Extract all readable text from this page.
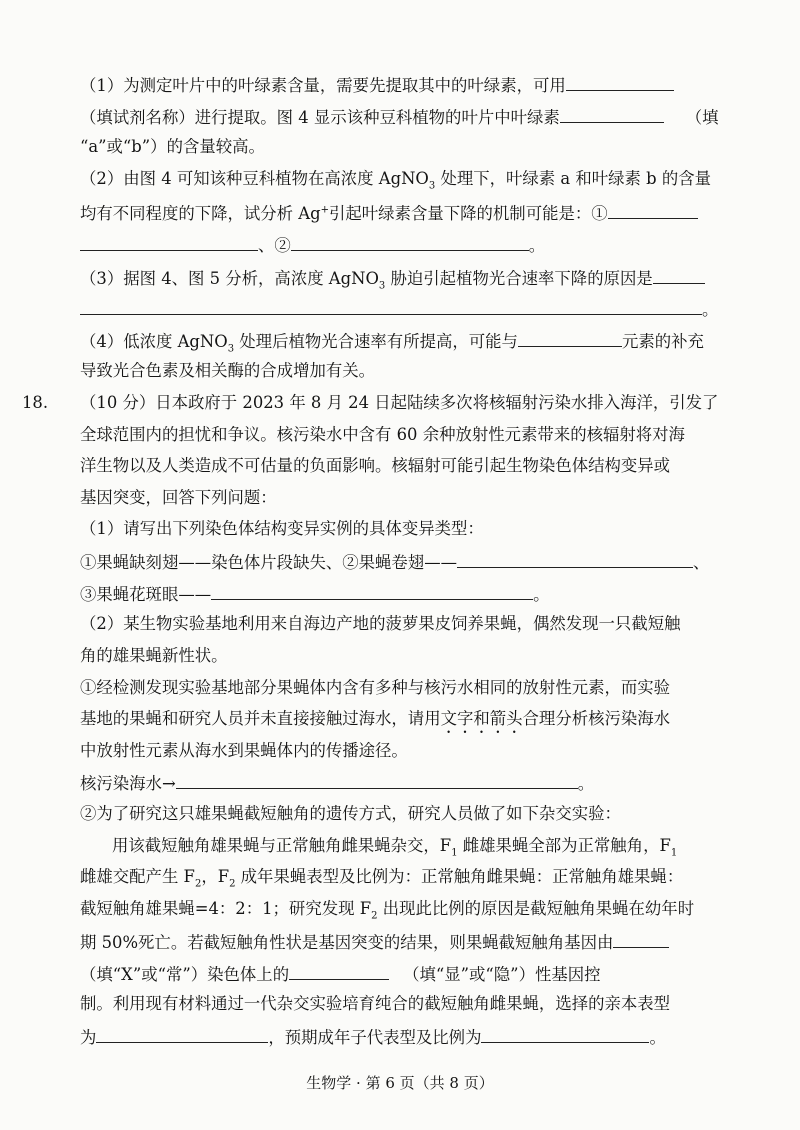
（1）为测定叶片中的叶绿素含量，需要先提取其中的叶绿素，可用
（填试剂名称）进行提取。图 4 显示该种豆科植物的叶片中叶绿素	（填
“a”或“b”）的含量较高。
（2）由图 4 可知该种豆科植物在高浓度 AgNO$_3$ 处理下，叶绿素 a 和叶绿素 b 的含量
均有不同程度的下降，试分析 Ag+引起叶绿素含量下降的机制可能是：①
、②	。
（3）据图 4、图 5 分析，高浓度 AgNO$_3$ 胁迫引起植物光合速率下降的原因是
。
（4）低浓度 AgNO$_3$ 处理后植物光合速率有所提高，可能与	元素的补充
导致光合色素及相关酶的合成增加有关。
18. （10 分）日本政府于 2023 年 8 月 24 日起陆续多次将核辐射污染水排入海洋，引发了
全球范围内的担忧和争议。核污染水中含有 60 余种放射性元素带来的核辐射将对海
洋生物以及人类造成不可估量的负面影响。核辐射可能引起生物染色体结构变异或
基因突变，回答下列问题：
（1）请写出下列染色体结构变异实例的具体变异类型：
①果蝇缺刻翅——染色体片段缺失、②果蝇卷翅——	、
③果蝇花斑眼——	。
（2）某生物实验基地利用来自海边产地的菠萝果皮饲养果蝇，偶然发现一只截短触
角的雄果蝇新性状。
①经检测发现实验基地部分果蝇体内含有多种与核污水相同的放射性元素，而实验
基地的果蝇和研究人员并未直接接触过海水，请用文字和箭头合理分析核污染海水
中放射性元素从海水到果蝇体内的传播途径。
核污染海水→	。
②为了研究这只雄果蝇截短触角的遗传方式，研究人员做了如下杂交实验：
用该截短触角雄果蝇与正常触角雌果蝇杂交，$F_1$ 雌雄果蝇全部为正常触角，$F_1$
雌雄交配产生 $F_2$，$F_2$ 成年果蝇表型及比例为：正常触角雌果蝇：正常触角雄果蝇：
截短触角雄果蝇=4：2：1；研究发现 $F_2$ 出现此比例的原因是截短触角果蝇在幼年时
期 50%死亡。若截短触角性状是基因突变的结果，则果蝇截短触角基因由
（填“X”或“常”）染色体上的	（填“显”或“隐”）性基因控
制。利用现有材料通过一代杂交实验培育纯合的截短触角雌果蝇，选择的亲本表型
为	，预期成年子代表型及比例为	。
生物学 · 第 6 页（共 8 页）
